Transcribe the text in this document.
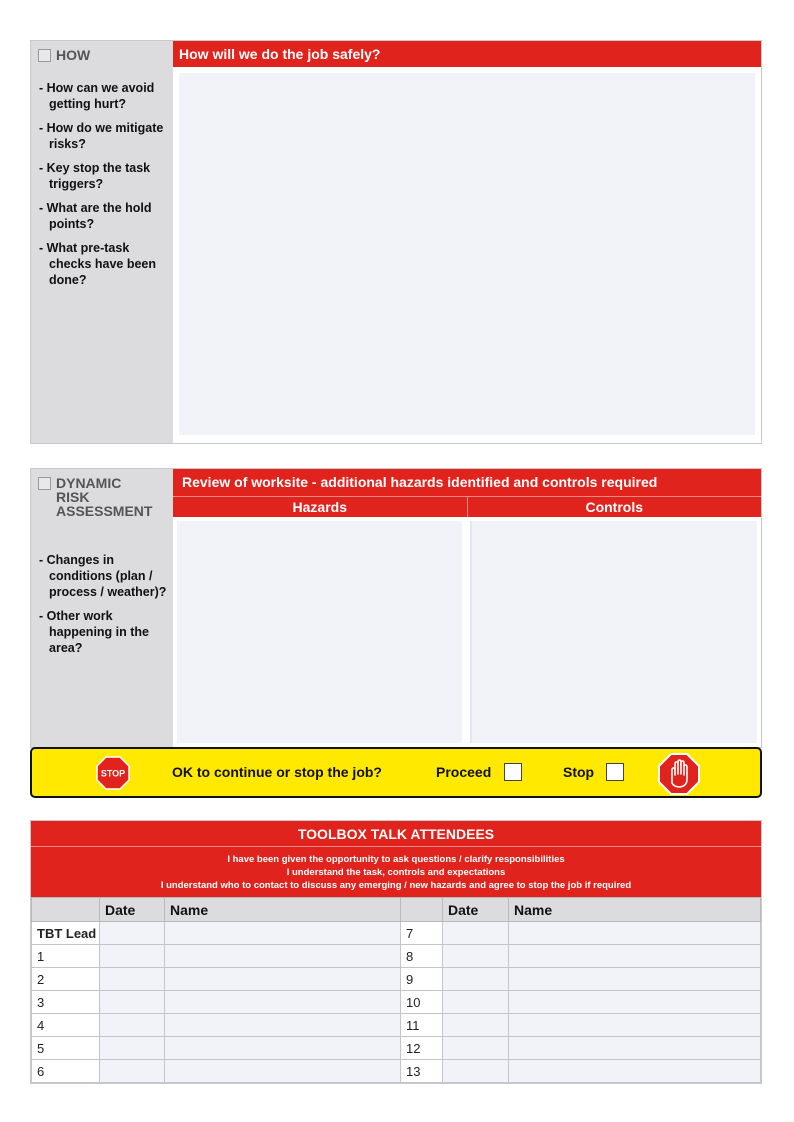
HOW
- How can we avoid getting hurt?
- How do we mitigate risks?
- Key stop the task triggers?
- What are the hold points?
- What pre-task checks have been done?
How will we do the job safely?
DYNAMIC
RISK
ASSESSMENT
- Changes in conditions (plan / process / weather)?
- Other work happening in the area?
Review of worksite - additional hazards identified and controls required
Hazards	Controls
STOP	OK to continue or stop the job?	Proceed	Stop
TOOLBOX TALK ATTENDEES
I have been given the opportunity to ask questions / clarify responsibilities
I understand the task, controls and expectations
I understand who to contact to discuss any emerging / new hazards and agree to stop the job if required
	Date	Name		Date	Name
TBT Lead			7		
1			8		
2			9		
3			10		
4			11		
5			12		
6			13		
